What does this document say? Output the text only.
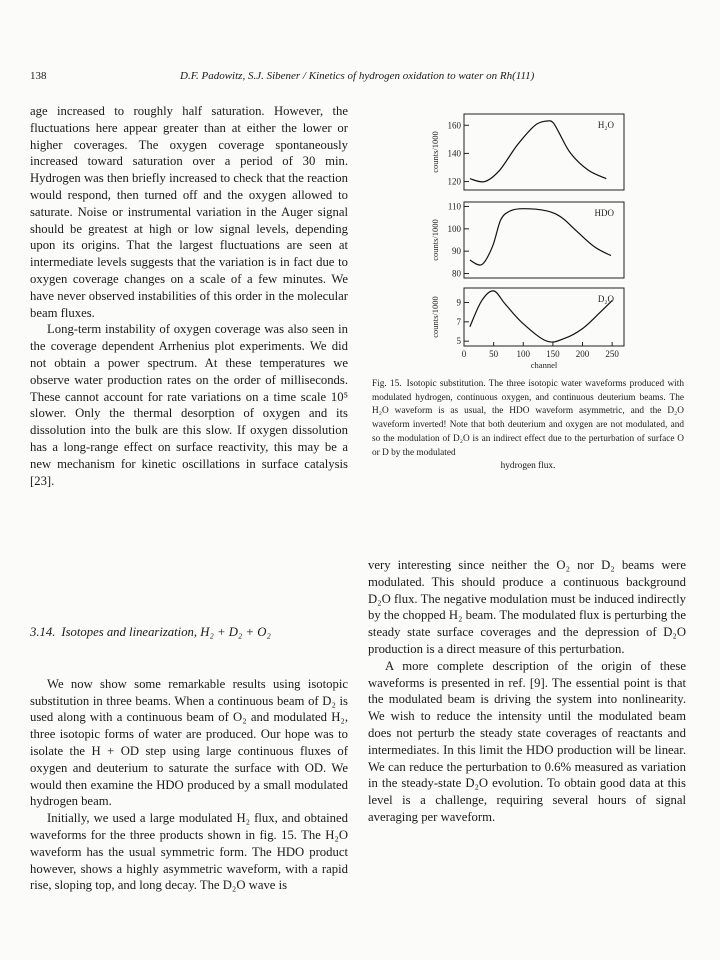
138	D.F. Padowitz, S.J. Sibener / Kinetics of hydrogen oxidation to water on Rh(111)

age increased to roughly half saturation. However, the fluctuations here appear greater than at either the lower or higher coverages. The oxygen coverage spontaneously increased toward saturation over a period of 30 min. Hydrogen was then briefly increased to check that the reaction would respond, then turned off and the oxygen allowed to saturate. Noise or instrumental variation in the Auger signal should be greatest at high or low signal levels, depending upon its origins. That the largest fluctuations are seen at intermediate levels suggests that the variation is in fact due to oxygen coverage changes on a scale of a few minutes. We have never observed instabilities of this order in the molecular beam fluxes.

Long-term instability of oxygen coverage was also seen in the coverage dependent Arrhenius plot experiments. We did not obtain a power spectrum. At these temperatures we observe water production rates on the order of milliseconds. These cannot account for rate variations on a time scale 10⁵ slower. Only the thermal desorption of oxygen and its dissolution into the bulk are this slow. If oxygen dissolution has a long-range effect on surface reactivity, this may be a new mechanism for kinetic oscillations in surface catalysis [23].

3.14. Isotopes and linearization, H₂ + D₂ + O₂

We now show some remarkable results using isotopic substitution in three beams. When a continuous beam of D₂ is used along with a continuous beam of O₂ and modulated H₂, three isotopic forms of water are produced. Our hope was to isolate the H + OD step using large continuous fluxes of oxygen and deuterium to saturate the surface with OD. We would then examine the HDO produced by a small modulated hydrogen beam.

Initially, we used a large modulated H₂ flux, and obtained waveforms for the three products shown in fig. 15. The H₂O waveform has the usual symmetric form. The HDO product however, shows a highly asymmetric waveform, with a rapid rise, sloping top, and long decay. The D₂O wave is

very interesting since neither the O₂ nor D₂ beams were modulated. This should produce a continuous background D₂O flux. The negative modulation must be induced indirectly by the chopped H₂ beam. The modulated flux is perturbing the steady state surface coverages and the depression of D₂O production is a direct measure of this perturbation.

A more complete description of the origin of these waveforms is presented in ref. [9]. The essential point is that the modulated beam is driving the system into nonlinearity. We wish to reduce the intensity until the modulated beam does not perturb the steady state coverages of reactants and intermediates. In this limit the HDO production will be linear. We can reduce the perturbation to 0.6% measured as variation in the steady-state D₂O evolution. To obtain good data at this level is a challenge, requiring several hours of signal averaging per waveform.

160
140
120
counts/1000
H₂O
110
100
90
80
counts/1000
HDO
9
7
5
counts/1000	D₂O
0	50 100 150 200 250
channel
Fig. 15. Isotopic substitution. The three isotopic water waveforms produced with modulated hydrogen, continuous oxygen, and continuous deuterium beams. The H₂O waveform is as usual, the HDO waveform asymmetric, and the D₂O waveform inverted! Note that both deuterium and oxygen are not modulated, and so the modulation of D₂O is an indirect effect due to the perturbation of surface O or D by the modulated
hydrogen flux.
